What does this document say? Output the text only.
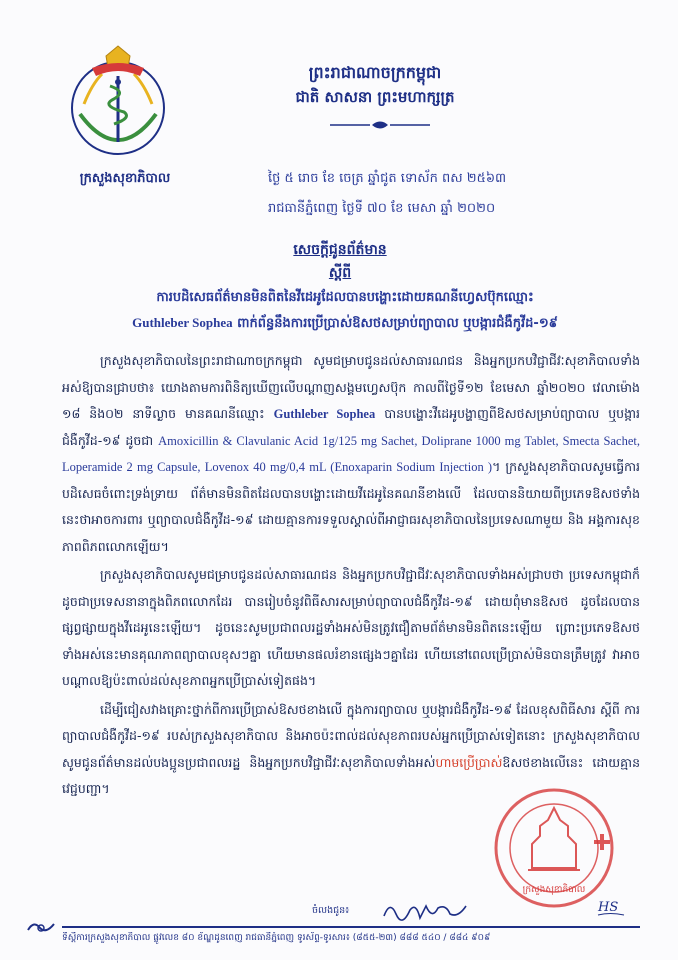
ក្រសួងសុខាភិបាល
ព្រះរាជាណាចក្រកម្ពុជា
ជាតិ សាសនា ព្រះមហាក្សត្រ
ថ្ងៃ ៥ រោច ខែ ចេត្រ ឆ្នាំជូត ទោស័ក ពស ២៥៦៣
រាជធានីភ្នំពេញ ថ្ងៃទី ៧០ ខែ មេសា ឆ្នាំ ២០២០
សេចក្តីជូនព័ត៌មាន
ស្តីពី
ការបដិសេធព័ត៌មានមិនពិតនៃវីដេអូដែលបានបង្ហោះដោយគណនីហ្វេសប៊ុកឈ្មោះ
Guthleber Sophea ពាក់ព័ន្ធនឹងការប្រើប្រាស់ឱសថសម្រាប់ព្យាបាល ឬបង្ការជំងឺកូវីដ-១៩

ក្រសួងសុខាភិបាលនៃព្រះរាជាណាចក្រកម្ពុជា សូមជម្រាបជូនដល់សាធារណជន និងអ្នកប្រកបវិជ្ជាជីវៈសុខាភិបាលទាំងអស់ឱ្យបានជ្រាបថា៖ យោងតាមការពិនិត្យឃើញលើបណ្តាញសង្គមហ្វេសប៊ុក កាលពីថ្ងៃទី១២ ខែមេសា ឆ្នាំ២០២០ វេលាម៉ោង ១៨ និង០២ នាទីល្ងាច មានគណនីឈ្មោះ Guthleber Sophea បានបង្ហោះវីដេអូបង្ហាញពីឱសថសម្រាប់ព្យាបាល ឬបង្ការជំងឺកូវីដ-១៩ ដូចជា Amoxicillin & Clavulanic Acid 1g/125 mg Sachet, Doliprane 1000 mg Tablet, Smecta Sachet, Loperamide 2 mg Capsule, Lovenox 40 mg/0,4 mL (Enoxaparin Sodium Injection )។ ក្រសួងសុខាភិបាលសូមធ្វើការបដិសេធចំពោះទ្រង់ទ្រាយ ព័ត៌មានមិនពិតដែលបានបង្ហោះដោយវីដេអូនៃគណនីខាងលើ ដែលបាននិយាយពីប្រភេទឱសថទាំងនេះថាអាចការពារ ឬព្យាបាលជំងឺកូវីដ-១៩ ដោយគ្មានការទទួលស្គាល់ពីអាជ្ញាធរសុខាភិបាលនៃប្រទេសណាមួយ និង អង្គការសុខភាពពិភពលោកឡើយ។

ក្រសួងសុខាភិបាលសូមជម្រាបជូនដល់សាធារណជន និងអ្នកប្រកបវិជ្ជាជីវៈសុខាភិបាលទាំងអស់ជ្រាបថា ប្រទេសកម្ពុជាក៏ដូចជាប្រទេសនានាក្នុងពិភពលោកដែរ បានរៀបចំនូវពិធីសារសម្រាប់ព្យាបាលជំងឺកូវីដ-១៩ ដោយពុំមានឱសថ ដូចដែលបានផ្សព្វផ្សាយក្នុងវីដេអូនេះឡើយ។ ដូចនេះសូមប្រជាពលរដ្ឋទាំងអស់មិនត្រូវជឿតាមព័ត៌មានមិនពិតនេះឡើយ ព្រោះប្រភេទឱសថទាំងអស់នេះមានគុណភាពព្យាបាលខុសៗគ្នា ហើយមានផលរំខានផ្សេងៗគ្នាដែរ ហើយនៅពេលប្រើប្រាស់មិនបានត្រឹមត្រូវ វាអាចបណ្តាលឱ្យប៉ះពាល់ដល់សុខភាពអ្នកប្រើប្រាស់ទៀតផង។

ដើម្បីជៀសវាងគ្រោះថ្នាក់ពីការប្រើប្រាស់ឱសថខាងលើ ក្នុងការព្យាបាល ឬបង្ការជំងឺកូវីដ-១៩ ដែលខុសពិធីសារ ស្តីពី ការព្យាបាលជំងឺកូវីដ-១៩ របស់ក្រសួងសុខាភិបាល និងអាចប៉ះពាល់ដល់សុខភាពរបស់អ្នកប្រើប្រាស់ទៀតនោះ ក្រសួងសុខាភិបាលសូមជូនព័ត៌មានដល់បងប្អូនប្រជាពលរដ្ឋ និងអ្នកប្រកបវិជ្ជាជីវៈសុខាភិបាលទាំងអស់ហាមប្រើប្រាស់ឱសថខាងលើនេះ ដោយគ្មានវេជ្ជបញ្ជា។

ក្រសួងសុខាភិបាល
ចំលងជូន៖	HS
ទីស្តីការក្រសួងសុខាភិបាល ផ្លូវលេខ ៨០ ខ័ណ្ឌដូនពេញ រាជធានីភ្នំពេញ ទូរស័ព្ទ-ទូរសារ៖ (៨៥៥-២៣) ៨៨៨ ៥៤០ / ៨៨៤ ៩០៩
